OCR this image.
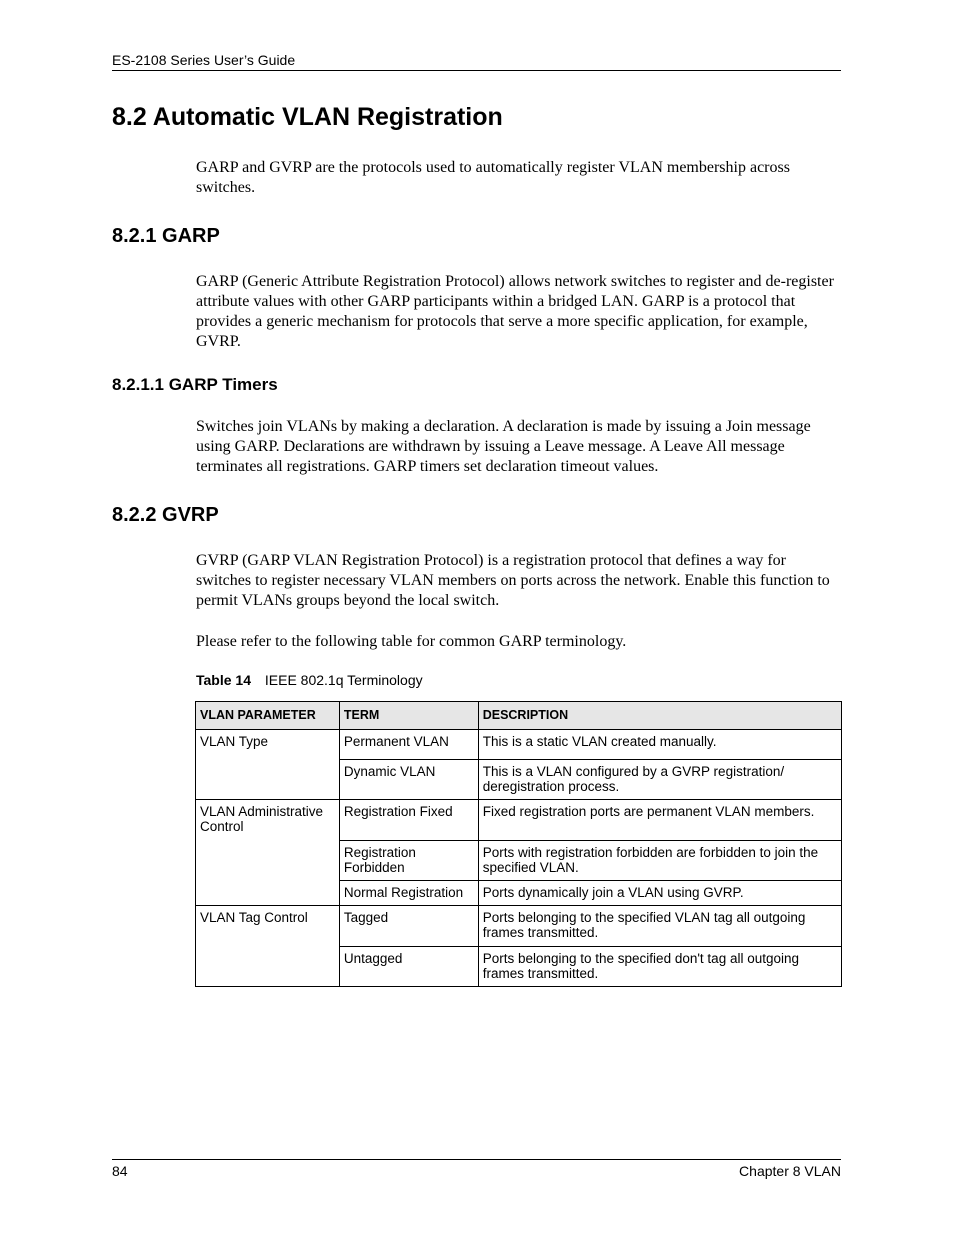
ES-2108 Series User’s Guide
8.2 Automatic VLAN Registration

GARP and GVRP are the protocols used to automatically register VLAN membership across switches.

8.2.1 GARP

GARP (Generic Attribute Registration Protocol) allows network switches to register and de-register attribute values with other GARP participants within a bridged LAN. GARP is a protocol that provides a generic mechanism for protocols that serve a more specific application, for example, GVRP.

8.2.1.1 GARP Timers

Switches join VLANs by making a declaration. A declaration is made by issuing a Join message using GARP. Declarations are withdrawn by issuing a Leave message. A Leave All message terminates all registrations. GARP timers set declaration timeout values.

8.2.2 GVRP

GVRP (GARP VLAN Registration Protocol) is a registration protocol that defines a way for switches to register necessary VLAN members on ports across the network. Enable this function to permit VLANs groups beyond the local switch.

Please refer to the following table for common GARP terminology.

Table 14 IEEE 802.1q Terminology
VLAN PARAMETER	TERM	DESCRIPTION
VLAN Type	Permanent VLAN	This is a static VLAN created manually.
	Dynamic VLAN	This is a VLAN configured by a GVRP registration/ deregistration process.
VLAN Administrative Control	Registration Fixed	Fixed registration ports are permanent VLAN members.
	Registration Forbidden	Ports with registration forbidden are forbidden to join the specified VLAN.
	Normal Registration	Ports dynamically join a VLAN using GVRP.
VLAN Tag Control	Tagged	Ports belonging to the specified VLAN tag all outgoing frames transmitted.
	Untagged	Ports belonging to the specified don't tag all outgoing frames transmitted.
84	Chapter 8 VLAN
